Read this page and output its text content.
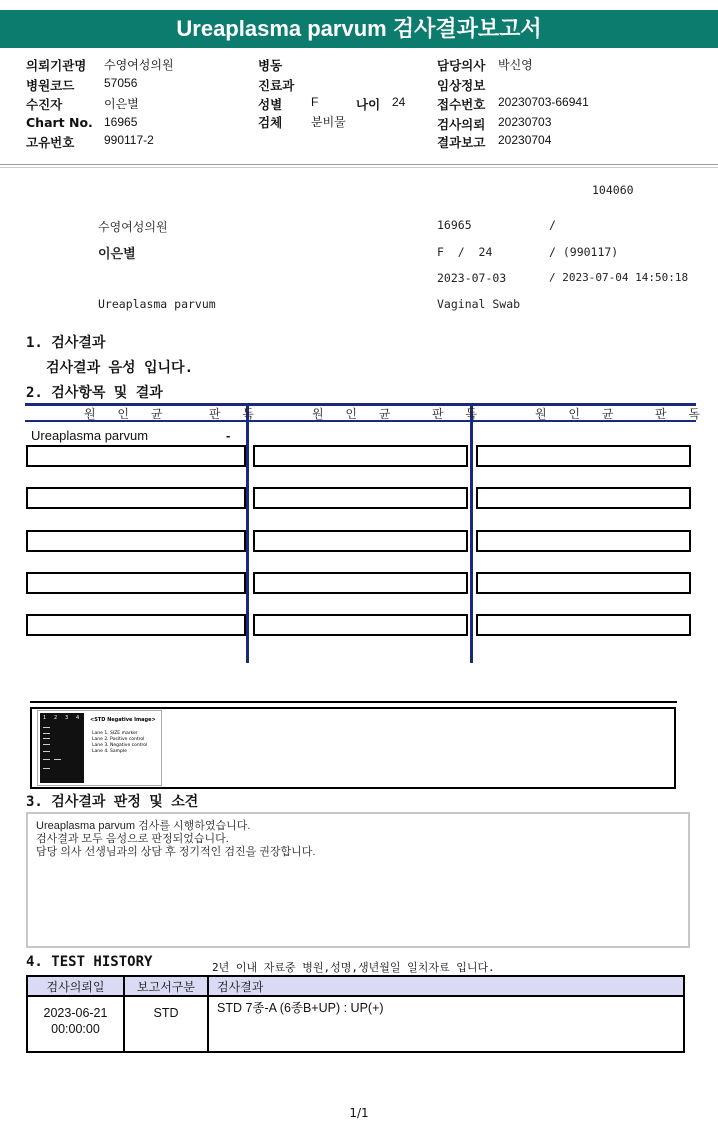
Ureaplasma parvum 검사결과보고서
의뢰기관명 수영여성의원
병원코드 57056
수진자	이은별
Chart No. 16965
고유번호 990117-2
병동
진료과
성별 F	나이 24
검체 분비물
담당의사 박신영
임상정보
접수번호 20230703-66941
검사의뢰 20230703
결과보고 20230704
104060
수영여성의원	16965	/
이은별	F  /  24	/ (990117)
2023-07-03	/ 2023-07-04 14:50:18
Ureaplasma parvum	Vaginal Swab
1. 검사결과
검사결과 음성 입니다.
2. 검사항목 및 결과
원 인 균	판 독	원 인 균	판 독	원 인 균	판 독
Ureaplasma parvum	-
1 2 3 4 <STD Negative Image>
Lane 1. SIZE marker
Lane 2. Positive control
Lane 3. Negative control
Lane 4. Sample
3. 검사결과 판정 및 소견
Ureaplasma parvum 검사를 시행하였습니다.
검사결과 모두 음성으로 판정되었습니다.
담당 의사 선생님과의 상담 후 정기적인 검진을 권장합니다.
4. TEST HISTORY	2년 이내 자료중 병원,성명,생년월일 일치자료 입니다.
검사의뢰일	보고서구분	검사결과

2023-06-21
00:00:00	STD	STD 7종-A (6종B+UP) : UP(+)
1/1
